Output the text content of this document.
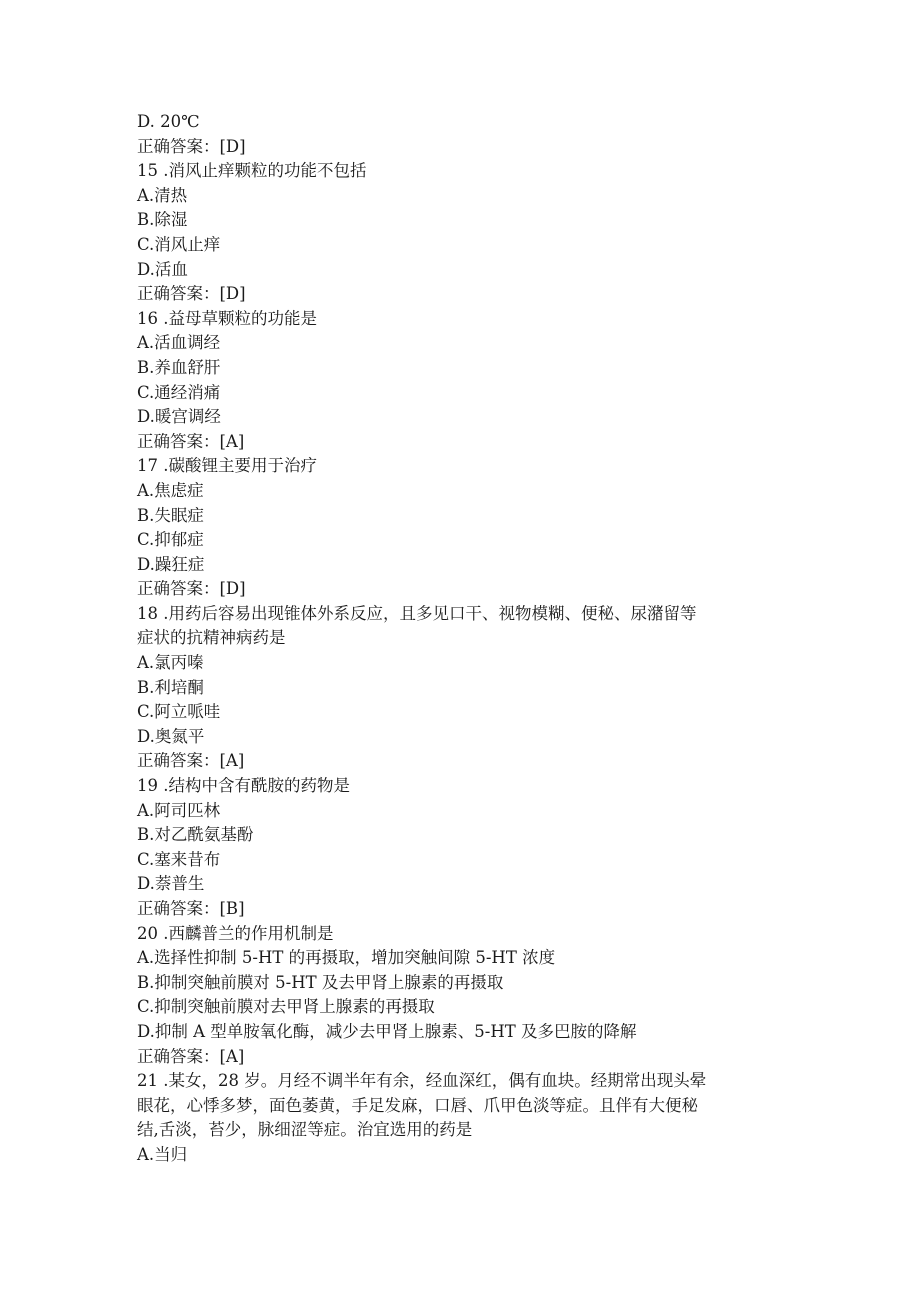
D. 20℃
正确答案：[D]
15 .消风止痒颗粒的功能不包括
A.清热
B.除湿
C.消风止痒
D.活血
正确答案：[D]
16 .益母草颗粒的功能是
A.活血调经
B.养血舒肝
C.通经消痛
D.暖宫调经
正确答案：[A]
17 .碳酸锂主要用于治疗
A.焦虑症
B.失眠症
C.抑郁症
D.躁狂症
正确答案：[D]
18 .用药后容易出现锥体外系反应，且多见口干、视物模糊、便秘、尿潴留等
症状的抗精神病药是
A.氯丙嗪
B.利培酮
C.阿立哌哇
D.奥氮平
正确答案：[A]
19 .结构中含有酰胺的药物是
A.阿司匹林
B.对乙酰氨基酚
C.塞来昔布
D.萘普生
正确答案：[B]
20 .西麟普兰的作用机制是
A.选择性抑制 5-HT 的再摄取，增加突触间隙 5-HT 浓度
B.抑制突触前膜对 5-HT 及去甲肾上腺素的再摄取
C.抑制突触前膜对去甲肾上腺素的再摄取
D.抑制 A 型单胺氧化酶，减少去甲肾上腺素、5-HT 及多巴胺的降解
正确答案：[A]
21 .某女，28 岁。月经不调半年有余，经血深红，偶有血块。经期常出现头晕
眼花，心悸多梦，面色萎黄，手足发麻，口唇、爪甲色淡等症。且伴有大便秘
结,舌淡，苔少，脉细涩等症。治宜选用的药是
A.当归
